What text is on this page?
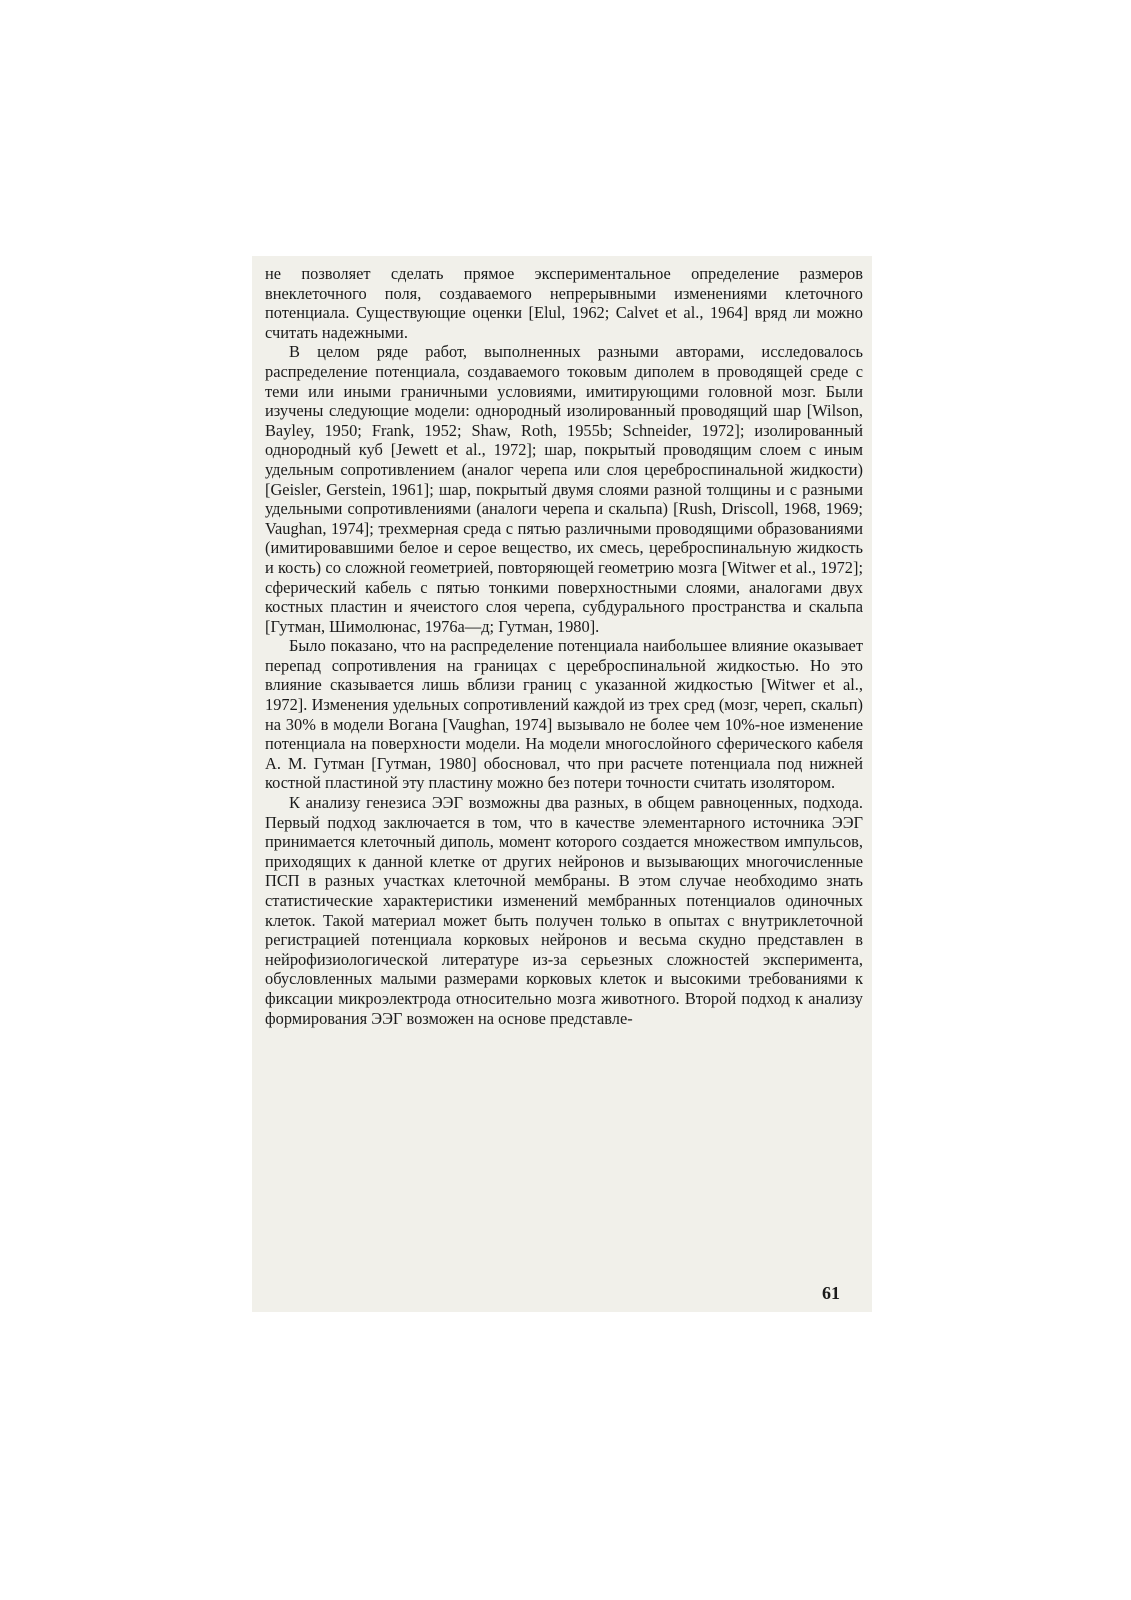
не позволяет сделать прямое экспериментальное определение размеров внеклеточного поля, создаваемого непрерывными изменениями клеточного потенциала. Существующие оценки [Elul, 1962; Calvet et al., 1964] вряд ли можно считать надежными.

В целом ряде работ, выполненных разными авторами, исследовалось распределение потенциала, создаваемого токовым диполем в проводящей среде с теми или иными граничными условиями, имитирующими головной мозг. Были изучены следующие модели: однородный изолированный проводящий шар [Wilson, Bayley, 1950; Frank, 1952; Shaw, Roth, 1955b; Schneider, 1972]; изолированный однородный куб [Jewett et al., 1972]; шар, покрытый проводящим слоем с иным удельным сопротивлением (аналог черепа или слоя цереброспинальной жидкости) [Geisler, Gerstein, 1961]; шар, покрытый двумя слоями разной толщины и с разными удельными сопротивлениями (аналоги черепа и скальпа) [Rush, Driscoll, 1968, 1969; Vaughan, 1974]; трехмерная среда с пятью различными проводящими образованиями (имитировавшими белое и серое вещество, их смесь, цереброспинальную жидкость и кость) со сложной геометрией, повторяющей геометрию мозга [Witwer et al., 1972]; сферический кабель с пятью тонкими поверхностными слоями, аналогами двух костных пластин и ячеистого слоя черепа, субдурального пространства и скальпа [Гутман, Шимолюнас, 1976а—д; Гутман, 1980].

Было показано, что на распределение потенциала наибольшее влияние оказывает перепад сопротивления на границах с цереброспинальной жидкостью. Но это влияние сказывается лишь вблизи границ с указанной жидкостью [Witwer et al., 1972]. Изменения удельных сопротивлений каждой из трех сред (мозг, череп, скальп) на 30% в модели Вогана [Vaughan, 1974] вызывало не более чем 10%-ное изменение потенциала на поверхности модели. На модели многослойного сферического кабеля А. М. Гутман [Гутман, 1980] обосновал, что при расчете потенциала под нижней костной пластиной эту пластину можно без потери точности считать изолятором.

К анализу генезиса ЭЭГ возможны два разных, в общем равноценных, подхода. Первый подход заключается в том, что в качестве элементарного источника ЭЭГ принимается клеточный диполь, момент которого создается множеством импульсов, приходящих к данной клетке от других нейронов и вызывающих многочисленные ПСП в разных участках клеточной мембраны. В этом случае необходимо знать статистические характеристики изменений мембранных потенциалов одиночных клеток. Такой материал может быть получен только в опытах с внутриклеточной регистрацией потенциала корковых нейронов и весьма скудно представлен в нейрофизиологической литературе из-за серьезных сложностей эксперимента, обусловленных малыми размерами корковых клеток и высокими требованиями к фиксации микроэлектрода относительно мозга животного. Второй подход к анализу формирования ЭЭГ возможен на основе представле-

61
